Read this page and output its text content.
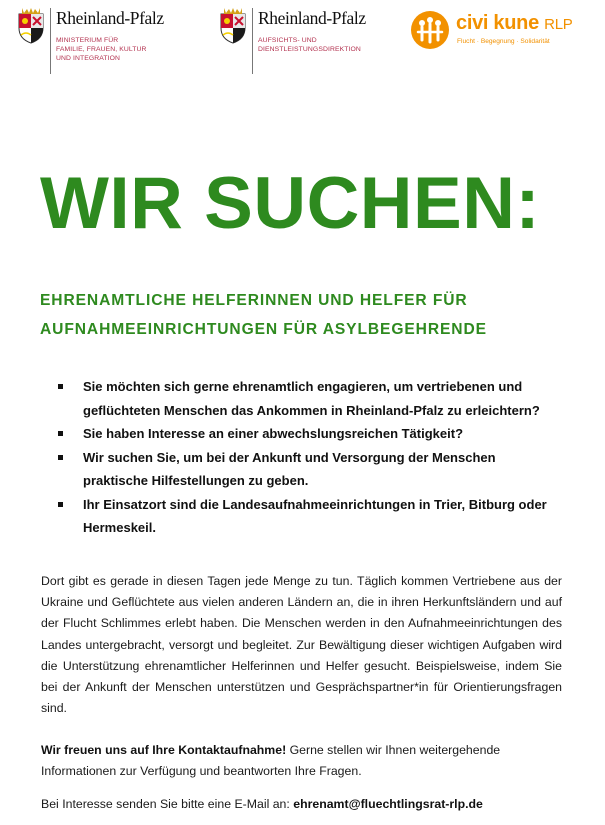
Rheinland-Pfalz
MINISTERIUM FÜR
FAMILIE, FRAUEN, KULTUR
UND INTEGRATION
Rheinland-Pfalz
AUFSICHTS- UND
DIENSTLEISTUNGSDIREKTION
civi kune RLP
Flucht · Begegnung · Solidarität
WIR SUCHEN:
EHRENAMTLICHE HELFERINNEN UND HELFER FÜR AUFNAHMEEINRICHTUNGEN FÜR ASYLBEGEHRENDE
Sie möchten sich gerne ehrenamtlich engagieren, um vertriebenen und geflüchteten Menschen das Ankommen in Rheinland-Pfalz zu erleichtern?
Sie haben Interesse an einer abwechslungsreichen Tätigkeit?
Wir suchen Sie, um bei der Ankunft und Versorgung der Menschen praktische Hilfestellungen zu geben.
Ihr Einsatzort sind die Landesaufnahmeeinrichtungen in Trier, Bitburg oder Hermeskeil.

Dort gibt es gerade in diesen Tagen jede Menge zu tun. Täglich kommen Vertriebene aus der Ukraine und Geflüchtete aus vielen anderen Ländern an, die in ihren Herkunftsländern und auf der Flucht Schlimmes erlebt haben. Die Menschen werden in den Aufnahmeeinrichtungen des Landes untergebracht, versorgt und begleitet. Zur Bewältigung dieser wichtigen Aufgaben wird die Unterstützung ehrenamtlicher Helferinnen und Helfer gesucht. Beispielsweise, indem Sie bei der Ankunft der Menschen unterstützen und Gesprächspartner*in für Orientierungsfragen sind.

Wir freuen uns auf Ihre Kontaktaufnahme! Gerne stellen wir Ihnen weitergehende Informationen zur Verfügung und beantworten Ihre Fragen.

Bei Interesse senden Sie bitte eine E-Mail an: ehrenamt@fluechtlingsrat-rlp.de
